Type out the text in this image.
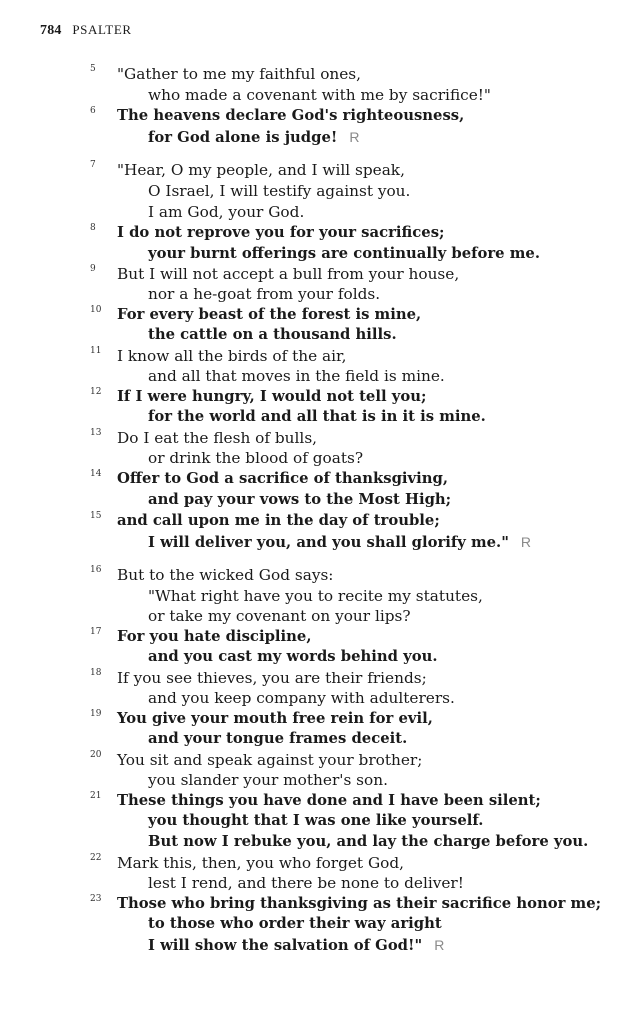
784 PSALTER
5 "Gather to me my faithful ones,
who made a covenant with me by sacrifice!"
6 The heavens declare God's righteousness,
for God alone is judge! R
7 "Hear, O my people, and I will speak,
O Israel, I will testify against you.
I am God, your God.
8 I do not reprove you for your sacrifices;
your burnt offerings are continually before me.
9 But I will not accept a bull from your house,
nor a he-goat from your folds.
10 For every beast of the forest is mine,
the cattle on a thousand hills.
11 I know all the birds of the air,
and all that moves in the field is mine.
12 If I were hungry, I would not tell you;
for the world and all that is in it is mine.
13 Do I eat the flesh of bulls,
or drink the blood of goats?
14 Offer to God a sacrifice of thanksgiving,
and pay your vows to the Most High;
15 and call upon me in the day of trouble;
I will deliver you, and you shall glorify me." R
16 But to the wicked God says:
"What right have you to recite my statutes,
or take my covenant on your lips?
17 For you hate discipline,
and you cast my words behind you.
18 If you see thieves, you are their friends;
and you keep company with adulterers.
19 You give your mouth free rein for evil,
and your tongue frames deceit.
20 You sit and speak against your brother;
you slander your mother's son.
21 These things you have done and I have been silent;
you thought that I was one like yourself.
But now I rebuke you, and lay the charge before you.
22 Mark this, then, you who forget God,
lest I rend, and there be none to deliver!
23 Those who bring thanksgiving as their sacrifice honor me;
to those who order their way aright
I will show the salvation of God!" R
